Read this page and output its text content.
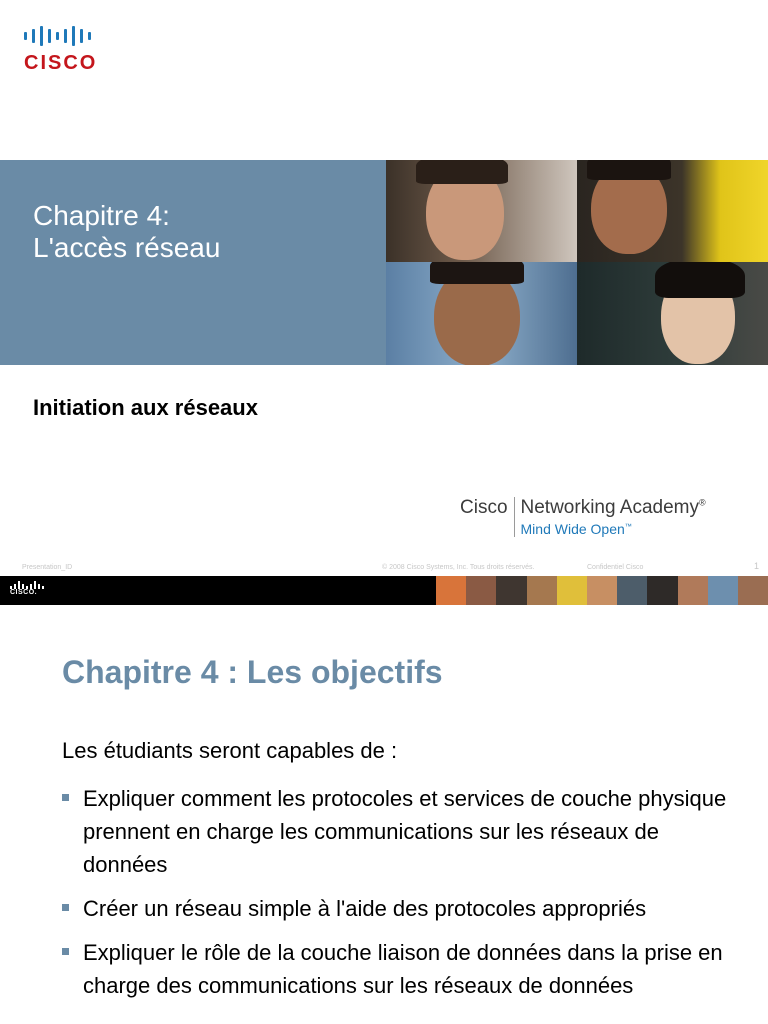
CISCO
Chapitre 4:
L'accès réseau
Initiation aux réseaux
Cisco Networking Academy®
Mind Wide Open™
Presentation_ID	© 2008 Cisco Systems, Inc. Tous droits réservés.	Confidentiel Cisco	1
CISCO.
Chapitre 4 : Les objectifs
Les étudiants seront capables de :
Expliquer comment les protocoles et services de couche physique prennent en charge les communications sur les réseaux de données
Créer un réseau simple à l'aide des protocoles appropriés
Expliquer le rôle de la couche liaison de données dans la prise en charge des communications sur les réseaux de données
